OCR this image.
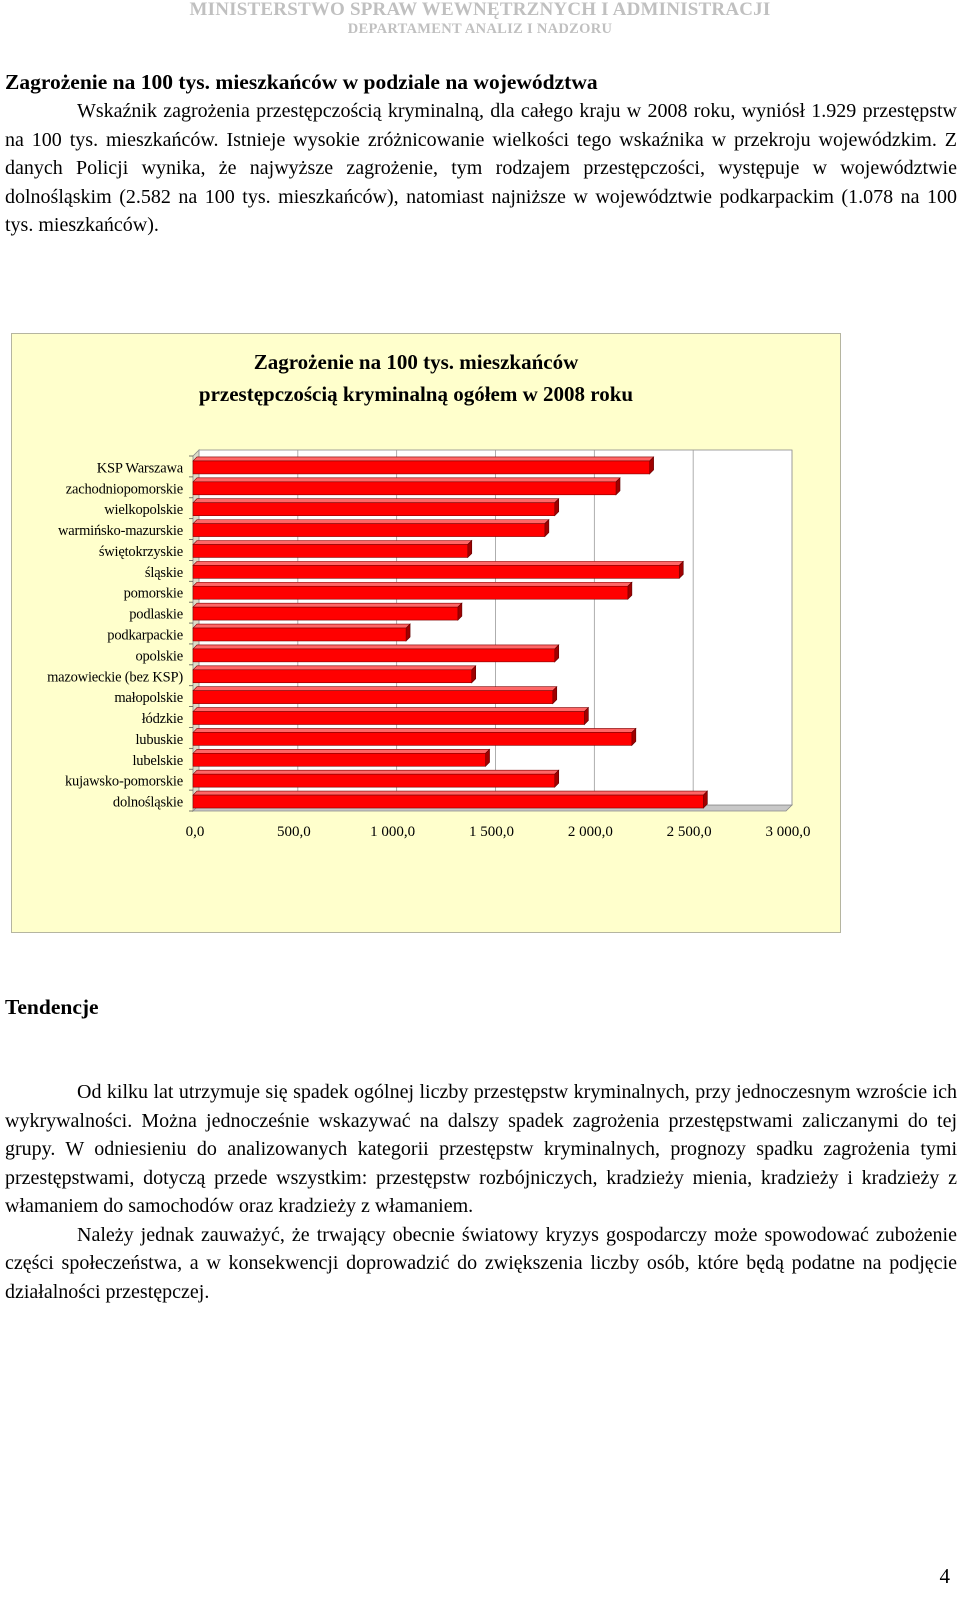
MINISTERSTWO SPRAW WEWNĘTRZNYCH I ADMINISTRACJI
DEPARTAMENT ANALIZ I NADZORU
Zagrożenie na 100 tys. mieszkańców w podziale na województwa

Wskaźnik zagrożenia przestępczością kryminalną, dla całego kraju w 2008 roku, wyniósł 1.929 przestępstw na 100 tys. mieszkańców. Istnieje wysokie zróżnicowanie wielkości tego wskaźnika w przekroju wojewódzkim. Z danych Policji wynika, że najwyższe zagrożenie, tym rodzajem przestępczości, występuje w województwie dolnośląskim (2.582 na 100 tys. mieszkańców), natomiast najniższe w województwie podkarpackim (1.078 na 100 tys. mieszkańców).

Zagrożenie na 100 tys. mieszkańców
przestępczością kryminalną ogółem w 2008 roku
0,0	500,0	1 000,0	1 500,0	2 000,0	2 500,0	3 000,0
KSP Warszawa
zachodniopomorskie
wielkopolskie
warmińsko-mazurskie
świętokrzyskie
śląskie
pomorskie
podlaskie
podkarpackie
opolskie
mazowieckie (bez KSP)
małopolskie
łódzkie
lubuskie
lubelskie
kujawsko-pomorskie
dolnośląskie
Tendencje

Od kilku lat utrzymuje się spadek ogólnej liczby przestępstw kryminalnych, przy jednoczesnym wzroście ich wykrywalności. Można jednocześnie wskazywać na dalszy spadek zagrożenia przestępstwami zaliczanymi do tej grupy. W odniesieniu do analizowanych kategorii przestępstw kryminalnych, prognozy spadku zagrożenia tymi przestępstwami, dotyczą przede wszystkim: przestępstw rozbójniczych, kradzieży mienia, kradzieży i kradzieży z włamaniem do samochodów oraz kradzieży z włamaniem.

Należy jednak zauważyć, że trwający obecnie światowy kryzys gospodarczy może spowodować zubożenie części społeczeństwa, a w konsekwencji doprowadzić do zwiększenia liczby osób, które będą podatne na podjęcie działalności przestępczej.

4
